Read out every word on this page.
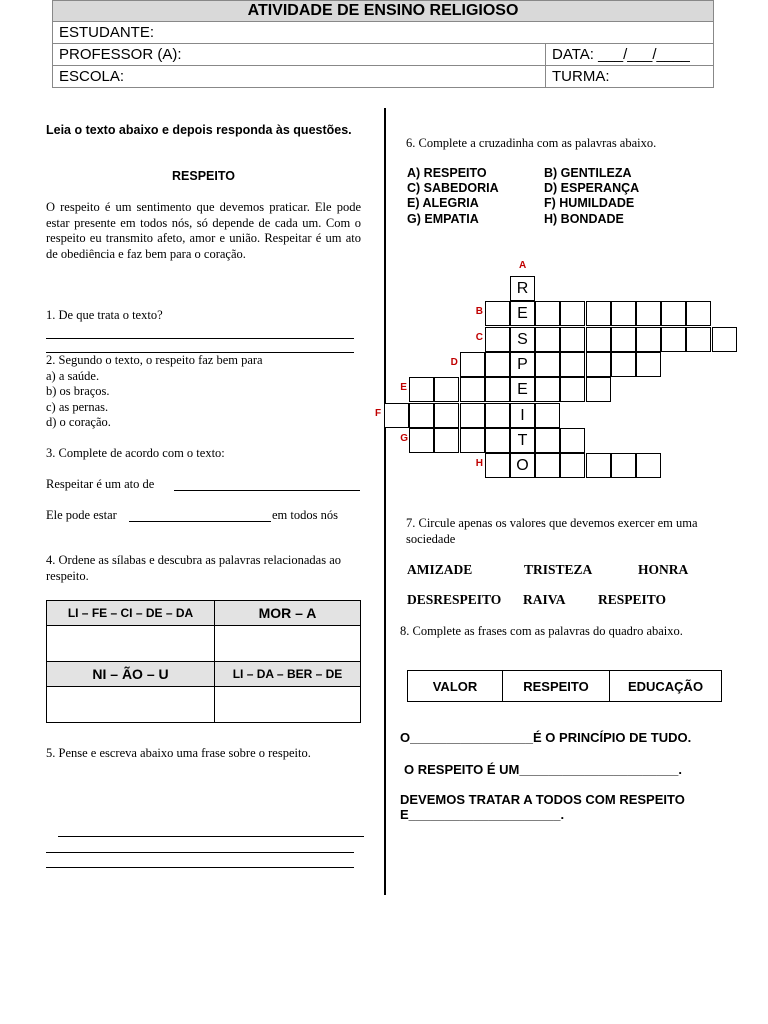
ATIVIDADE DE ENSINO RELIGIOSO	
ESTUDANTE:	
PROFESSOR (A):	DATA: ___/___/____
ESCOLA:	TURMA:
Leia o texto abaixo e depois responda às questões.
RESPEITO
O respeito é um sentimento que devemos praticar. Ele pode estar presente em todos nós, só depende de cada um. Com o respeito eu transmito afeto, amor e união. Respeitar é um ato de obediência e faz bem para o coração.
1. De que trata o texto?
2. Segundo o texto, o respeito faz bem para
a) a saúde.
b) os braços.
c) as pernas.
d) o coração.
3. Complete de acordo com o texto:
Respeitar é um ato de
Ele pode estar	em todos nós
4. Ordene as sílabas e descubra as palavras relacionadas ao respeito.
LI – FE – CI – DE – DA	MOR – A

NI – ÃO – U	LI – DA – BER – DE

5. Pense e escreva abaixo uma frase sobre o respeito.
6. Complete a cruzadinha com as palavras abaixo.
A) RESPEITO	B) GENTILEZA
C) SABEDORIA	D) ESPERANÇA
E) ALEGRIA	F) HUMILDADE
G) EMPATIA	H) BONDADE
R
A
E
B
S
C
P
D
E
E
I
F
T
G
O
H
7. Circule apenas os valores que devemos exercer em uma sociedade
AMIZADE	TRISTEZA	HONRA
DESRESPEITO RAIVA RESPEITO
8. Complete as frases com as palavras do quadro abaixo.
VALOR	RESPEITO	EDUCAÇÃO
O_________________É O PRINCÍPIO DE TUDO.
O RESPEITO É UM______________________.
DEVEMOS TRATAR A TODOS COM RESPEITO
E_____________________.
